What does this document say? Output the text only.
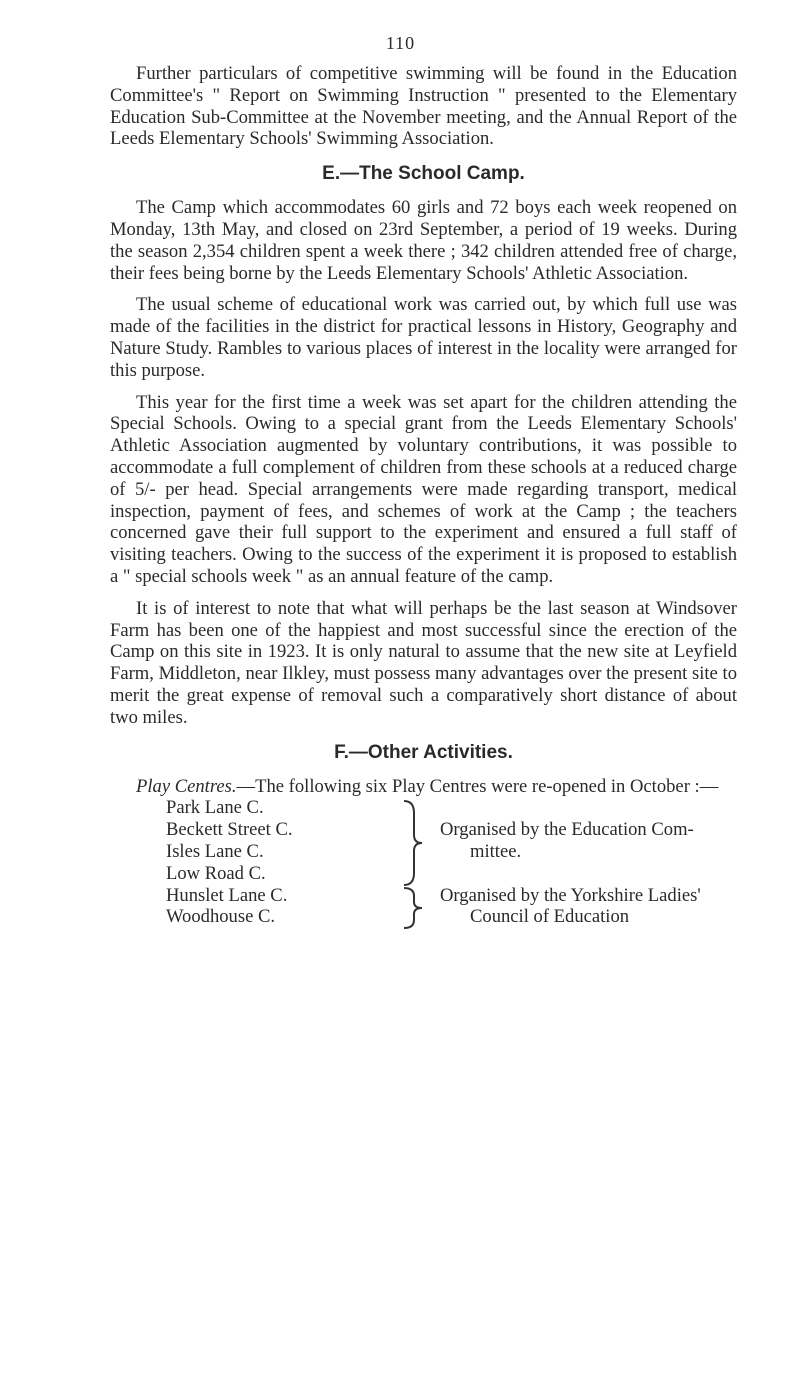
110

Further particulars of competitive swimming will be found in the Education Committee's " Report on Swimming Instruction " presented to the Elementary Education Sub-Committee at the November meeting, and the Annual Report of the Leeds Elementary Schools' Swimming Association.

E.—The School Camp.

The Camp which accommodates 60 girls and 72 boys each week reopened on Monday, 13th May, and closed on 23rd September, a period of 19 weeks. During the season 2,354 children spent a week there ; 342 children attended free of charge, their fees being borne by the Leeds Elementary Schools' Athletic Association.

The usual scheme of educational work was carried out, by which full use was made of the facilities in the district for practical lessons in History, Geography and Nature Study. Rambles to various places of interest in the locality were arranged for this purpose.

This year for the first time a week was set apart for the children attending the Special Schools. Owing to a special grant from the Leeds Elementary Schools' Athletic Association augmented by voluntary contributions, it was possible to accommodate a full complement of children from these schools at a reduced charge of 5/- per head. Special arrangements were made regarding transport, medical inspection, payment of fees, and schemes of work at the Camp ; the teachers concerned gave their full support to the experiment and ensured a full staff of visiting teachers. Owing to the success of the experiment it is proposed to establish a " special schools week " as an annual feature of the camp.

It is of interest to note that what will perhaps be the last season at Windsover Farm has been one of the happiest and most successful since the erection of the Camp on this site in 1923. It is only natural to assume that the new site at Leyfield Farm, Middleton, near Ilkley, must possess many advantages over the present site to merit the great expense of removal such a comparatively short distance of about two miles.

F.—Other Activities.

Play Centres.—The following six Play Centres were re-opened in October :—

Park Lane C.
Beckett Street C.	Organised by the Education Com-
Isles Lane C.	mittee.
Low Road C.
Hunslet Lane C.	Organised by the Yorkshire Ladies'
Woodhouse C.	Council of Education
